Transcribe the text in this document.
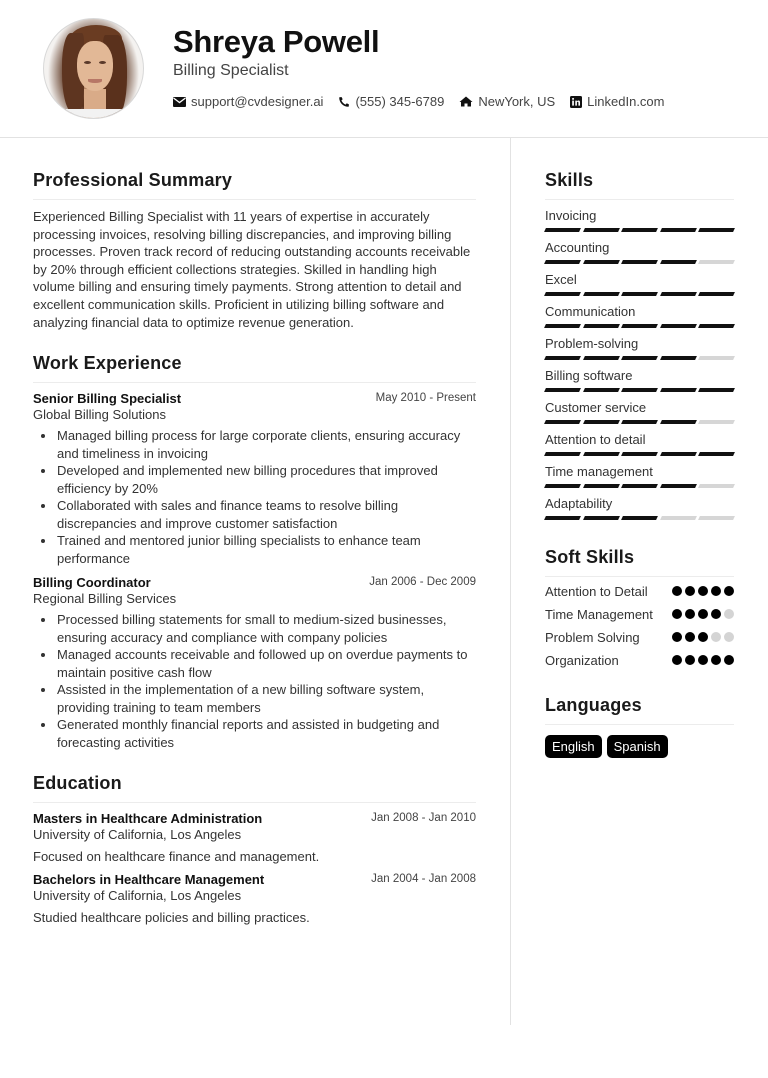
Shreya Powell
Billing Specialist
support@cvdesigner.ai (555) 345-6789	NewYork, US LinkedIn.com
Professional Summary

Experienced Billing Specialist with 11 years of expertise in accurately processing invoices, resolving billing discrepancies, and improving billing processes. Proven track record of reducing outstanding accounts receivable by 20% through efficient collections strategies. Skilled in handling high volume billing and ensuring timely payments. Strong attention to detail and excellent communication skills. Proficient in utilizing billing software and analyzing financial data to optimize revenue generation.

Work Experience
Senior Billing Specialist	May 2010 - Present
Global Billing Solutions
Managed billing process for large corporate clients, ensuring accuracy and timeliness in invoicing
Developed and implemented new billing procedures that improved efficiency by 20%
Collaborated with sales and finance teams to resolve billing discrepancies and improve customer satisfaction
Trained and mentored junior billing specialists to enhance team performance
Billing Coordinator	Jan 2006 - Dec 2009
Regional Billing Services
Processed billing statements for small to medium-sized businesses, ensuring accuracy and compliance with company policies
Managed accounts receivable and followed up on overdue payments to maintain positive cash flow
Assisted in the implementation of a new billing software system, providing training to team members
Generated monthly financial reports and assisted in budgeting and forecasting activities
Education
Masters in Healthcare Administration	Jan 2008 - Jan 2010
University of California, Los Angeles
Focused on healthcare finance and management.
Bachelors in Healthcare Management	Jan 2004 - Jan 2008
University of California, Los Angeles
Studied healthcare policies and billing practices.
Skills
Invoicing
Accounting
Excel
Communication
Problem-solving
Billing software
Customer service
Attention to detail
Time management
Adaptability
Soft Skills
Attention to Detail
Time Management
Problem Solving
Organization
Languages
English	Spanish
